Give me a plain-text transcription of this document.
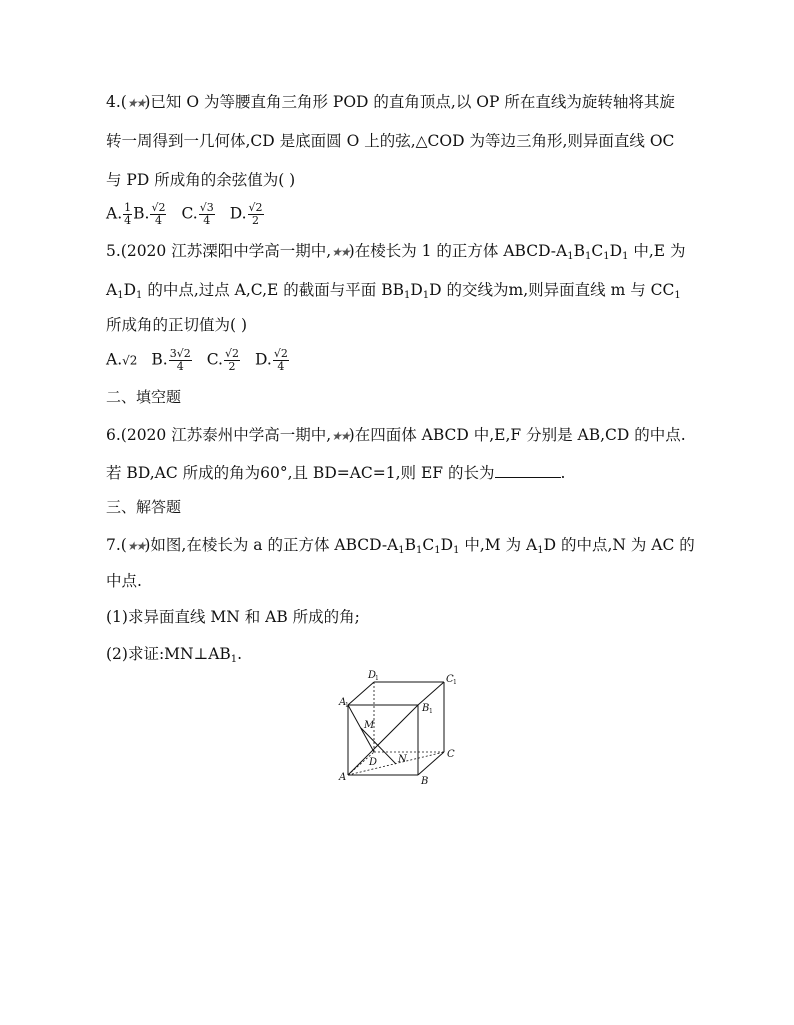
4.(★★)已知 O 为等腰直角三角形 POD 的直角顶点,以 OP 所在直线为旋转轴将其旋
转一周得到一几何体,CD 是底面圆 O 上的弦,△COD 为等边三角形,则异面直线 OC
与 PD 所成角的余弦值为( )
A. $\frac{1}{4} B$. $\frac{√2}{4} C$. $\frac{√3}{4} D$. $\frac{√2}{2}$
5.(2020 江苏溧阳中学高一期中,★★)在棱长为 1 的正方体 ABCD-$A_1B_1C_1D_1$ 中,E 为
$A_1D_1$ 的中点,过点 A,C,E 的截面与平面 $BB_1D_1D$ 的交线为m,则异面直线 m 与 $CC_1$
所成角的正切值为( )
A.√2 B. $\frac{3√2}{4} C$. $\frac{√2}{2} D$. $\frac{√2}{4}$
二、填空题
6.(2020 江苏泰州中学高一期中,★★)在四面体 ABCD 中,E,F 分别是 AB,CD 的中点.
若 BD,AC 所成的角为60°,且 BD=AC=1,则 EF 的长为	.
三、解答题
7.(★★)如图,在棱长为 a 的正方体 ABCD-$A_1B_1C_1D_1$ 中,M 为 $A_1D$ 的中点,N 为 AC 的
中点.
(1)求异面直线 MN 和 AB 所成的角;
(2)求证$:MN\perp AB_1$.
A	B
C
D
A
1	B 1
C 1
D
1
M
N
